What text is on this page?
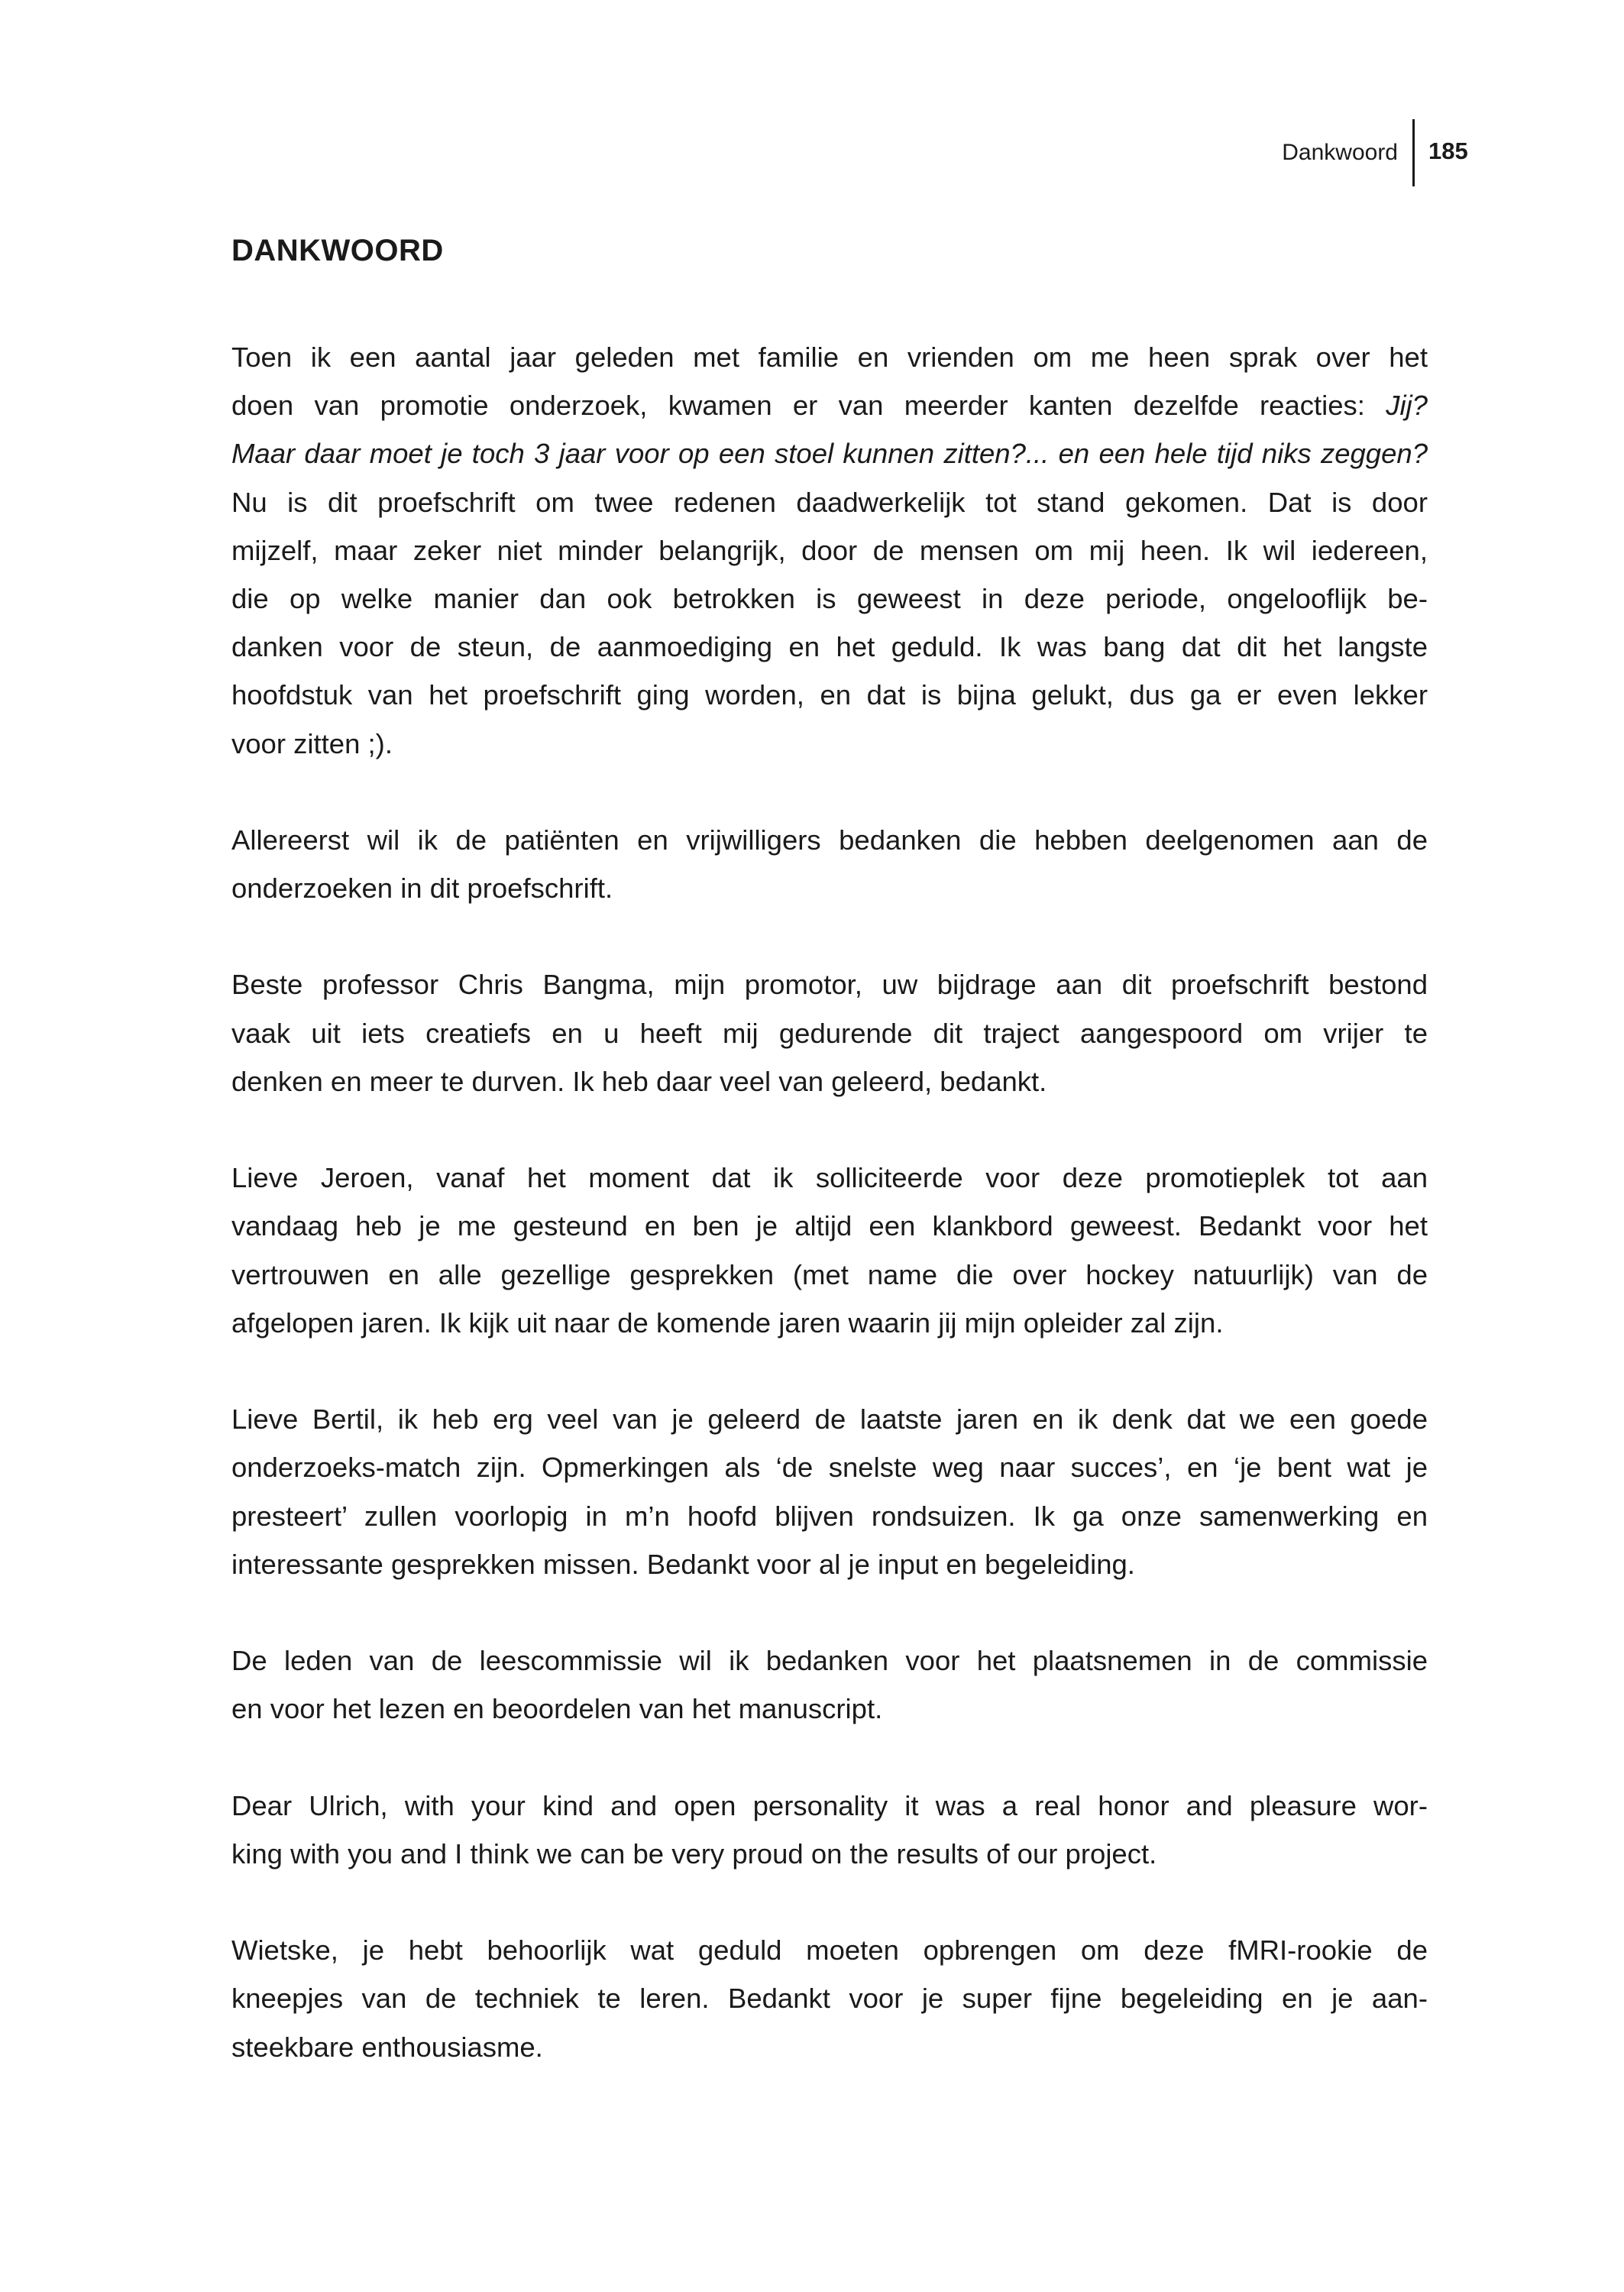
Dankwoord 185
DANKWOORD
Toen ik een aantal jaar geleden met familie en vrienden om me heen sprak over het
doen van promotie onderzoek, kwamen er van meerder kanten dezelfde reacties: Jij?
Maar daar moet je toch 3 jaar voor op een stoel kunnen zitten?... en een hele tijd niks zeggen?
Nu is dit proefschrift om twee redenen daadwerkelijk tot stand gekomen. Dat is door
mijzelf, maar zeker niet minder belangrijk, door de mensen om mij heen. Ik wil iedereen,
die op welke manier dan ook betrokken is geweest in deze periode, ongelooflijk be-
danken voor de steun, de aanmoediging en het geduld. Ik was bang dat dit het langste
hoofdstuk van het proefschrift ging worden, en dat is bijna gelukt, dus ga er even lekker
voor zitten ;).
Allereerst wil ik de patiënten en vrijwilligers bedanken die hebben deelgenomen aan de
onderzoeken in dit proefschrift.
Beste professor Chris Bangma, mijn promotor, uw bijdrage aan dit proefschrift bestond
vaak uit iets creatiefs en u heeft mij gedurende dit traject aangespoord om vrijer te
denken en meer te durven. Ik heb daar veel van geleerd, bedankt.
Lieve Jeroen, vanaf het moment dat ik solliciteerde voor deze promotieplek tot aan
vandaag heb je me gesteund en ben je altijd een klankbord geweest. Bedankt voor het
vertrouwen en alle gezellige gesprekken (met name die over hockey natuurlijk) van de
afgelopen jaren. Ik kijk uit naar de komende jaren waarin jij mijn opleider zal zijn.
Lieve Bertil, ik heb erg veel van je geleerd de laatste jaren en ik denk dat we een goede
onderzoeks-match zijn. Opmerkingen als ‘de snelste weg naar succes’, en ‘je bent wat je
presteert’ zullen voorlopig in m’n hoofd blijven rondsuizen. Ik ga onze samenwerking en
interessante gesprekken missen. Bedankt voor al je input en begeleiding.
De leden van de leescommissie wil ik bedanken voor het plaatsnemen in de commissie
en voor het lezen en beoordelen van het manuscript.
Dear Ulrich, with your kind and open personality it was a real honor and pleasure wor-
king with you and I think we can be very proud on the results of our project.
Wietske, je hebt behoorlijk wat geduld moeten opbrengen om deze fMRI-rookie de
kneepjes van de techniek te leren. Bedankt voor je super fijne begeleiding en je aan-
steekbare enthousiasme.
